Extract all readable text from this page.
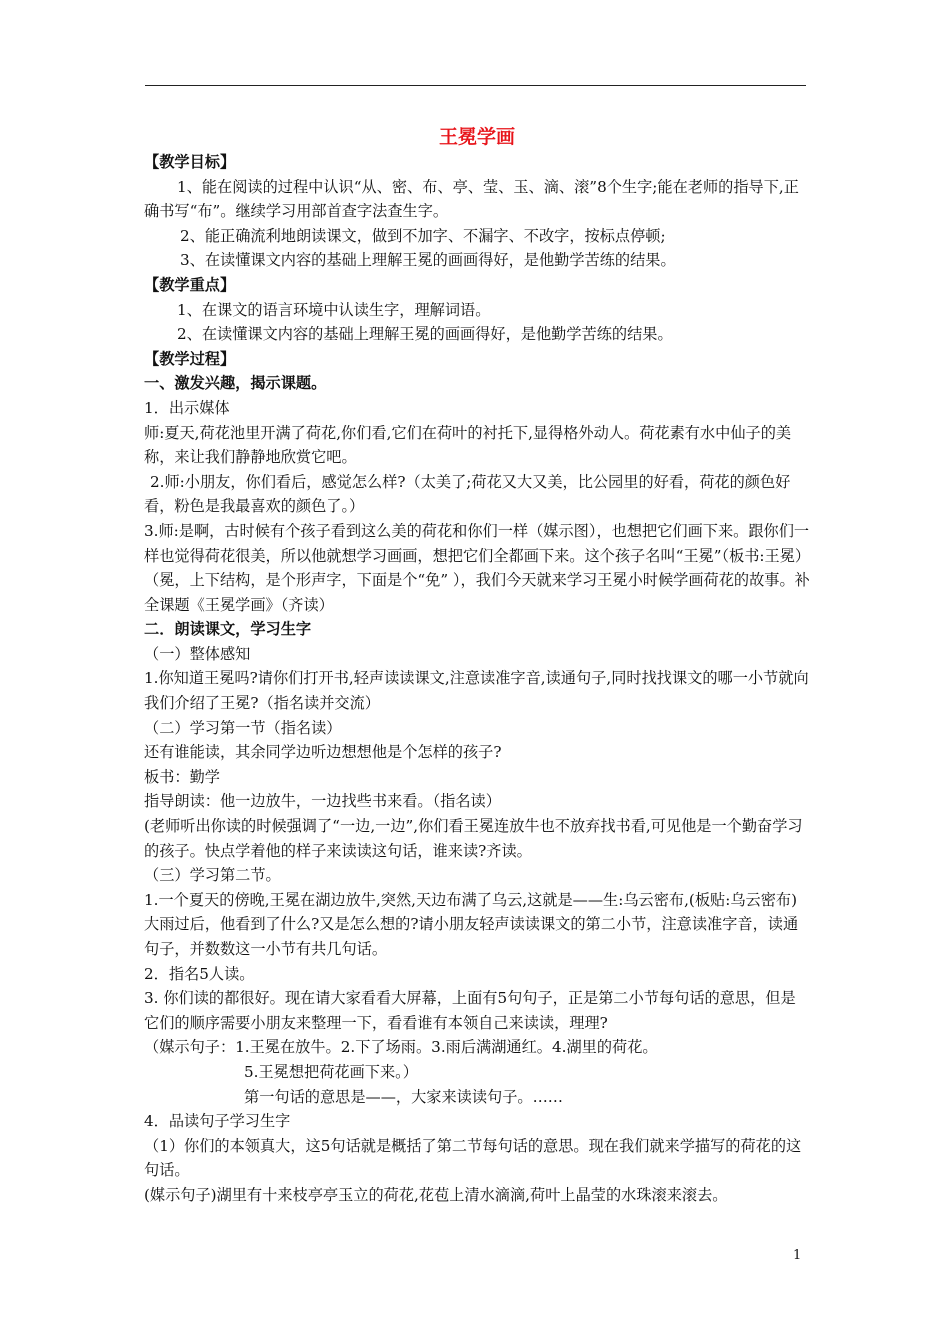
王冕学画

【教学目标】

1、能在阅读的过程中认识“从、密、布、亭、莹、玉、滴、滚”8个生字;能在老师的指导下,正确书写“布”。继续学习用部首查字法查生字。

2、能正确流利地朗读课文，做到不加字、不漏字、不改字，按标点停顿;

3、在读懂课文内容的基础上理解王冕的画画得好，是他勤学苦练的结果。

【教学重点】

1、在课文的语言环境中认读生字，理解词语。

2、在读懂课文内容的基础上理解王冕的画画得好，是他勤学苦练的结果。

【教学过程】

一、激发兴趣，揭示课题。

1．出示媒体

师:夏天,荷花池里开满了荷花,你们看,它们在荷叶的衬托下,显得格外动人。荷花素有水中仙子的美称，来让我们静静地欣赏它吧。

2.师:小朋友，你们看后，感觉怎么样?（太美了;荷花又大又美，比公园里的好看，荷花的颜色好看，粉色是我最喜欢的颜色了。）

3.师:是啊，古时候有个孩子看到这么美的荷花和你们一样（媒示图），也想把它们画下来。跟你们一样也觉得荷花很美，所以他就想学习画画，想把它们全都画下来。这个孩子名叫“王冕”（板书:王冕）（冕，上下结构，是个形声字，下面是个“免” ），我们今天就来学习王冕小时候学画荷花的故事。补全课题《王冕学画》（齐读）

二．朗读课文，学习生字

（一）整体感知

1.你知道王冕吗?请你们打开书,轻声读读课文,注意读准字音,读通句子,同时找找课文的哪一小节就向我们介绍了王冕?（指名读并交流）

（二）学习第一节（指名读）

还有谁能读，其余同学边听边想想他是个怎样的孩子?

板书：勤学

指导朗读：他一边放牛，一边找些书来看。（指名读）

(老师听出你读的时候强调了“一边,一边”,你们看王冕连放牛也不放弃找书看,可见他是一个勤奋学习的孩子。快点学着他的样子来读读这句话，谁来读?齐读。

（三）学习第二节。

1.一个夏天的傍晚,王冕在湖边放牛,突然,天边布满了乌云,这就是——生:乌云密布,(板贴:乌云密布)大雨过后，他看到了什么?又是怎么想的?请小朋友轻声读读课文的第二小节，注意读准字音，读通句子，并数数这一小节有共几句话。

2．指名5人读。

3. 你们读的都很好。现在请大家看看大屏幕，上面有5句句子，正是第二小节每句话的意思，但是它们的顺序需要小朋友来整理一下，看看谁有本领自己来读读，理理?

（媒示句子：1.王冕在放牛。2.下了场雨。3.雨后满湖通红。4.湖里的荷花。

5.王冕想把荷花画下来。）

第一句话的意思是——，大家来读读句子。……

4．品读句子学习生字

（1）你们的本领真大，这5句话就是概括了第二节每句话的意思。现在我们就来学描写的荷花的这句话。

(媒示句子)湖里有十来枝亭亭玉立的荷花,花苞上清水滴滴,荷叶上晶莹的水珠滚来滚去。

1
